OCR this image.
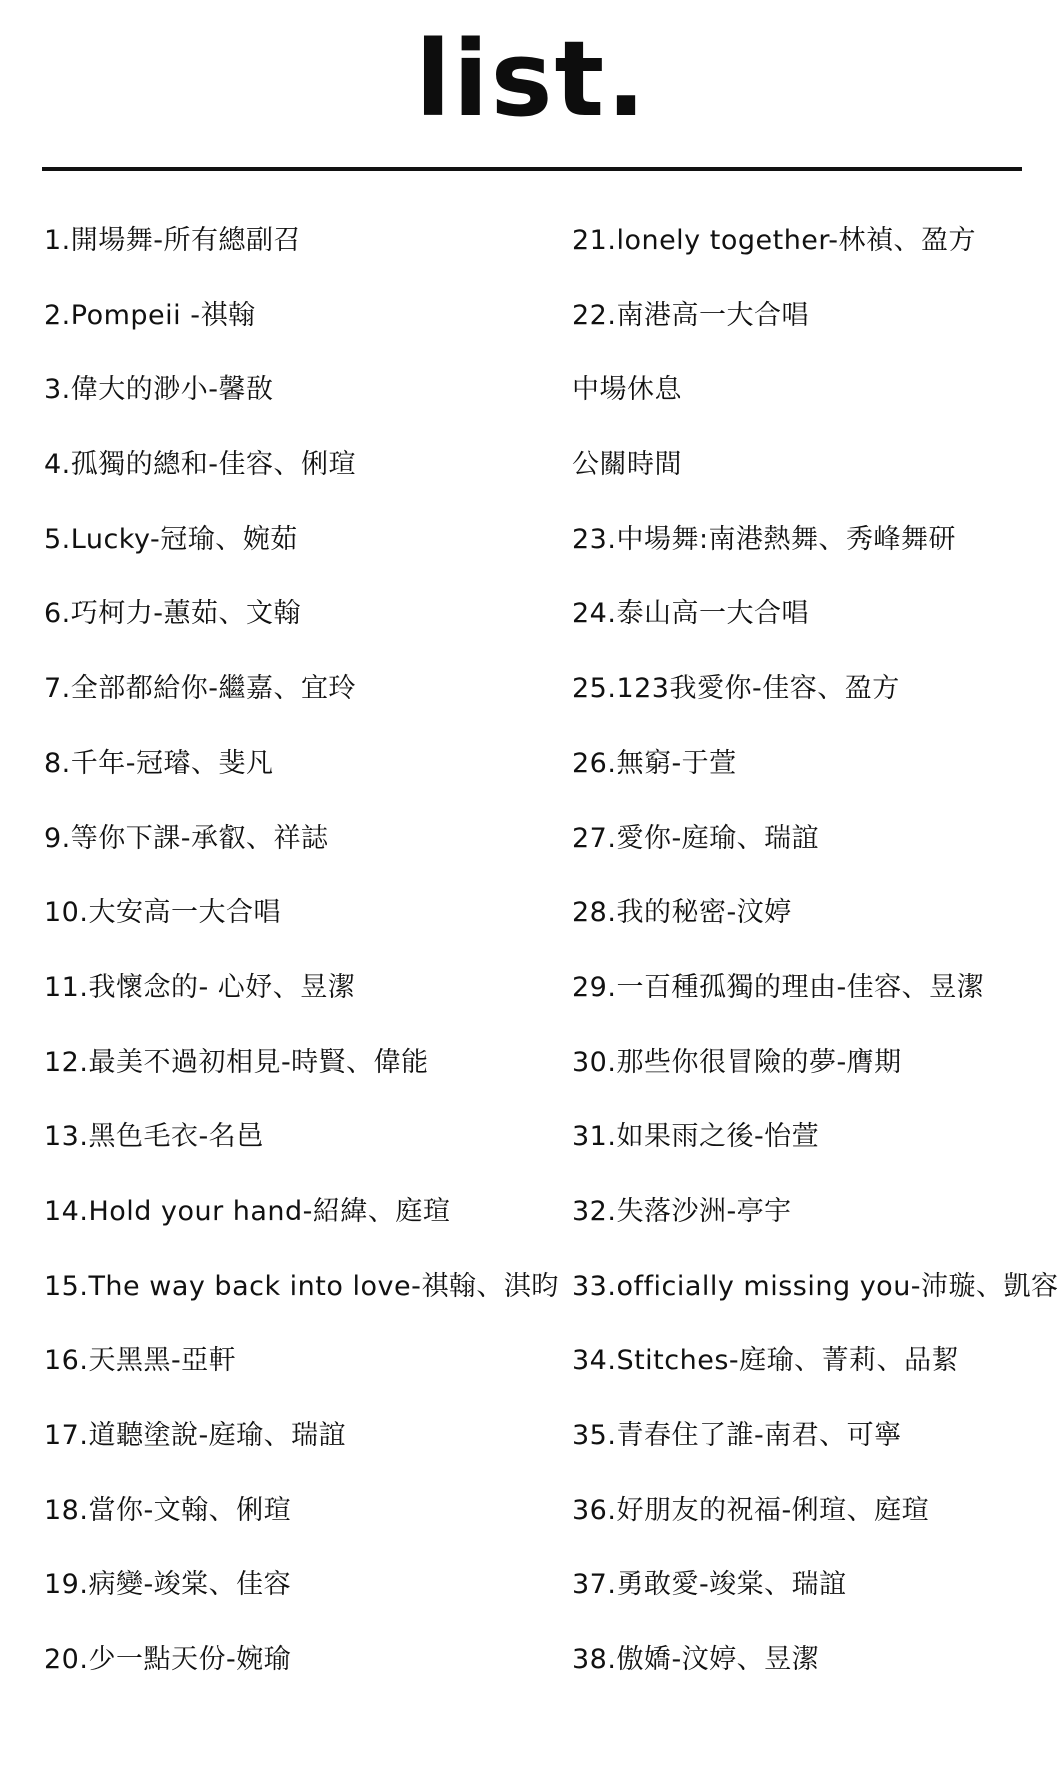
list.
1.開場舞-所有總副召
2.Pompeii -祺翰
3.偉大的渺小-馨敔
4.孤獨的總和-佳容、俐瑄
5.Lucky-冠瑜、婉茹
6.巧柯力-蕙茹、文翰
7.全部都給你-繼嘉、宜玲
8.千年-冠璿、斐凡
9.等你下課-承叡、祥誌
10.大安高一大合唱
11.我懷念的- 心妤、昱潔
12.最美不過初相見-時賢、偉能
13.黑色毛衣-名邑
14.Hold your hand-紹緯、庭瑄
15.The way back into love-祺翰、淇昀
16.天黑黑-亞軒
17.道聽塗說-庭瑜、瑞誼
18.當你-文翰、俐瑄
19.病變-竣棠、佳容
20.少一點天份-婉瑜
21.lonely together-林禎、盈方
22.南港高一大合唱
中場休息
公關時間
23.中場舞:南港熱舞、秀峰舞研
24.泰山高一大合唱
25.123我愛你-佳容、盈方
26.無窮-于萱
27.愛你-庭瑜、瑞誼
28.我的秘密-汶婷
29.一百種孤獨的理由-佳容、昱潔
30.那些你很冒險的夢-膺期
31.如果雨之後-怡萱
32.失落沙洲-亭宇
33.officially missing you-沛璇、凱容
34.Stitches-庭瑜、菁莉、品絜
35.青春住了誰-南君、可寧
36.好朋友的祝福-俐瑄、庭瑄
37.勇敢愛-竣棠、瑞誼
38.傲嬌-汶婷、昱潔
